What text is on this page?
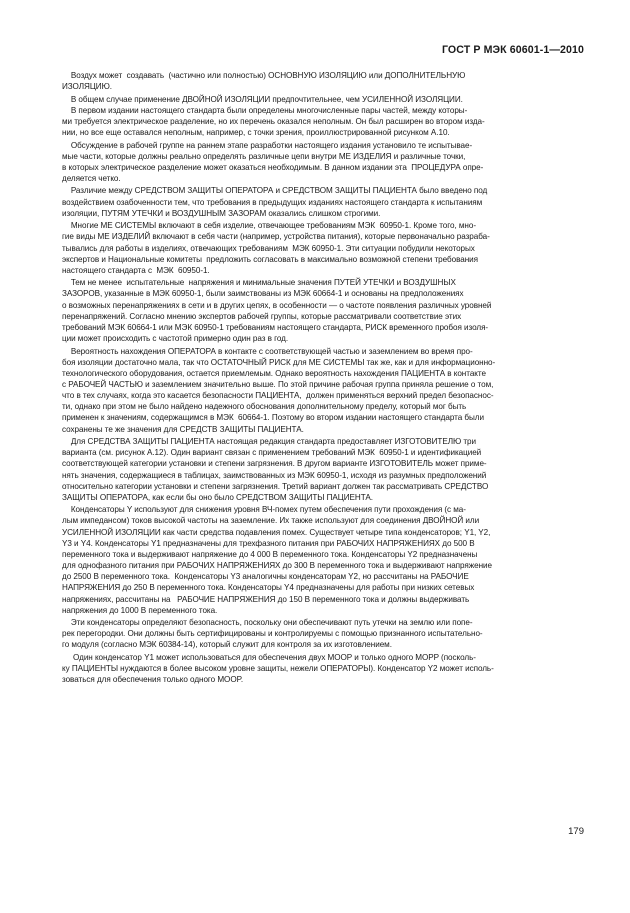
ГОСТ Р МЭК 60601-1—2010

Воздух может  создавать  (частично или полностью) ОСНОВНУЮ ИЗОЛЯЦИЮ или ДОПОЛНИТЕЛЬНУЮ
ИЗОЛЯЦИЮ.

В общем случае применение ДВОЙНОЙ ИЗОЛЯЦИИ предпочтительнее, чем УСИЛЕННОЙ ИЗОЛЯЦИИ.
В первом издании настоящего стандарта были определены многочисленные пары частей, между которы-
ми требуется электрическое разделение, но их перечень оказался неполным. Он был расширен во втором изда-
нии, но все еще оставался неполным, например, с точки зрения, проиллюстрированной рисунком А.10.

Обсуждение в рабочей группе на раннем этапе разработки настоящего издания установило те испытывае-
мые части, которые должны реально определять различные цепи внутри МЕ ИЗДЕЛИЯ и различные точки,
в которых электрическое разделение может оказаться необходимым. В данном издании эта  ПРОЦЕДУРА опре-
деляется четко.

Различие между СРЕДСТВОМ ЗАЩИТЫ ОПЕРАТОРА и СРЕДСТВОМ ЗАЩИТЫ ПАЦИЕНТА было введено под
воздействием озабоченности тем, что требования в предыдущих изданиях настоящего стандарта к испытаниям
изоляции, ПУТЯМ УТЕЧКИ и ВОЗДУШНЫМ ЗАЗОРАМ оказались слишком строгими.

Многие МЕ СИСТЕМЫ включают в себя изделие, отвечающее требованиям МЭК  60950-1. Кроме того, мно-
гие виды МЕ ИЗДЕЛИЙ включают в себя части (например, устройства питания), которые первоначально разраба-
тывались для работы в изделиях, отвечающих требованиям  МЭК 60950-1. Эти ситуации побудили некоторых
экспертов и Национальные комитеты  предложить согласовать в максимально возможной степени требования
настоящего стандарта с  МЭК  60950-1.

Тем не менее  испытательные  напряжения и минимальные значения ПУТЕЙ УТЕЧКИ и ВОЗДУШНЫХ
ЗАЗОРОВ, указанные в МЭК 60950-1, были заимствованы из МЭК 60664-1 и основаны на предположениях
о возможных перенапряжениях в сети и в других цепях, в особенности — о частоте появления различных уровней
перенапряжений. Согласно мнению экспертов рабочей группы, которые рассматривали соответствие этих
требований МЭК 60664-1 или МЭК 60950-1 требованиям настоящего стандарта, РИСК временного пробоя изоля-
ции может происходить с частотой примерно один раз в год.

Вероятность нахождения ОПЕРАТОРА в контакте с соответствующей частью и заземлением во время про-
боя изоляции достаточно мала, так что ОСТАТОЧНЫЙ РИСК для МЕ СИСТЕМЫ так же, как и для информационно-
технологического оборудования, остается приемлемым. Однако вероятность нахождения ПАЦИЕНТА в контакте
с РАБОЧЕЙ ЧАСТЬЮ и заземлением значительно выше. По этой причине рабочая группа приняла решение о том,
что в тех случаях, когда это касается безопасности ПАЦИЕНТА,  должен применяться верхний предел безопаснос-
ти, однако при этом не было найдено надежного обоснования дополнительному пределу, который мог быть
применен к значениям, содержащимся в МЭК  60664-1. Поэтому во втором издании настоящего стандарта были
сохранены те же значения для СРЕДСТВ ЗАЩИТЫ ПАЦИЕНТА.

Для СРЕДСТВА ЗАЩИТЫ ПАЦИЕНТА настоящая редакция стандарта предоставляет ИЗГОТОВИТЕЛЮ три
варианта (см. рисунок А.12). Один вариант связан с применением требований МЭК  60950-1 и идентификацией
соответствующей категории установки и степени загрязнения. В другом варианте ИЗГОТОВИТЕЛЬ может приме-
нять значения, содержащиеся в таблицах, заимствованных из МЭК 60950-1, исходя из разумных предположений
относительно категории установки и степени загрязнения. Третий вариант должен так рассматривать СРЕДСТВО
ЗАЩИТЫ ОПЕРАТОРА, как если бы оно было СРЕДСТВОМ ЗАЩИТЫ ПАЦИЕНТА.

Конденсаторы Y используют для снижения уровня ВЧ-помех путем обеспечения пути прохождения (с ма-
лым импедансом) токов высокой частоты на заземление. Их также используют для соединения ДВОЙНОЙ или
УСИЛЕННОЙ ИЗОЛЯЦИИ как части средства подавления помех. Существует четыре типа конденсаторов; Y1, Y2,
Y3 и Y4. Конденсаторы Y1 предназначены для трехфазного питания при РАБОЧИХ НАПРЯЖЕНИЯХ до 500 В
переменного тока и выдерживают напряжение до 4 000 В переменного тока. Конденсаторы Y2 предназначены
для однофазного питания при РАБОЧИХ НАПРЯЖЕНИЯХ до 300 В переменного тока и выдерживают напряжение
до 2500 В переменного тока.  Конденсаторы Y3 аналогичны конденсаторам Y2, но рассчитаны на РАБОЧИЕ
НАПРЯЖЕНИЯ до 250 В переменного тока. Конденсаторы Y4 предназначены для работы при низких сетевых
напряжениях, рассчитаны на   РАБОЧИЕ НАПРЯЖЕНИЯ до 150 В переменного тока и должны выдерживать
напряжения до 1000 В переменного тока.

Эти конденсаторы определяют безопасность, поскольку они обеспечивают путь утечки на землю или попе-
рек перегородки. Они должны быть сертифицированы и контролируемы с помощью признанного испытательно-
го модуля (согласно МЭК 60384-14), который служит для контроля за их изготовлением.

Один конденсатор Y1 может использоваться для обеспечения двух MOOP и только одного MOPP (посколь-
ку ПАЦИЕНТЫ нуждаются в более высоком уровне защиты, нежели ОПЕРАТОРЫ). Конденсатор Y2 может исполь-
зоваться для обеспечения только одного MOOP.

179
